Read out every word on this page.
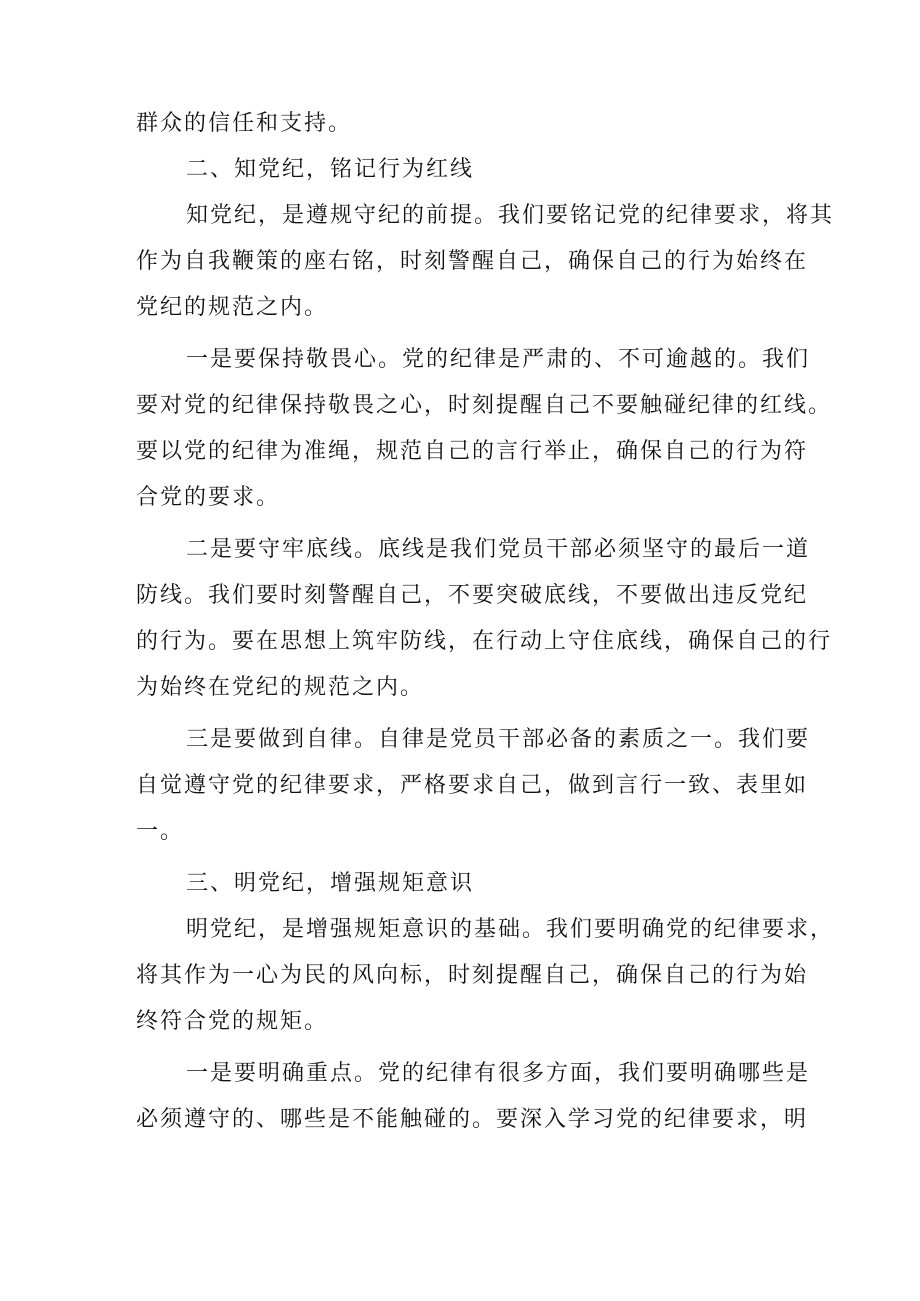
群众的信任和支持。
二、知党纪，铭记行为红线
知党纪，是遵规守纪的前提。我们要铭记党的纪律要求，将其
作为自我鞭策的座右铭，时刻警醒自己，确保自己的行为始终在
党纪的规范之内。
一是要保持敬畏心。党的纪律是严肃的、不可逾越的。我们
要对党的纪律保持敬畏之心，时刻提醒自己不要触碰纪律的红线。
要以党的纪律为准绳，规范自己的言行举止，确保自己的行为符
合党的要求。
二是要守牢底线。底线是我们党员干部必须坚守的最后一道
防线。我们要时刻警醒自己，不要突破底线，不要做出违反党纪
的行为。要在思想上筑牢防线，在行动上守住底线，确保自己的行
为始终在党纪的规范之内。
三是要做到自律。自律是党员干部必备的素质之一。我们要
自觉遵守党的纪律要求，严格要求自己，做到言行一致、表里如
一。
三、明党纪，增强规矩意识
明党纪，是增强规矩意识的基础。我们要明确党的纪律要求，
将其作为一心为民的风向标，时刻提醒自己，确保自己的行为始
终符合党的规矩。
一是要明确重点。党的纪律有很多方面，我们要明确哪些是
必须遵守的、哪些是不能触碰的。要深入学习党的纪律要求，明
